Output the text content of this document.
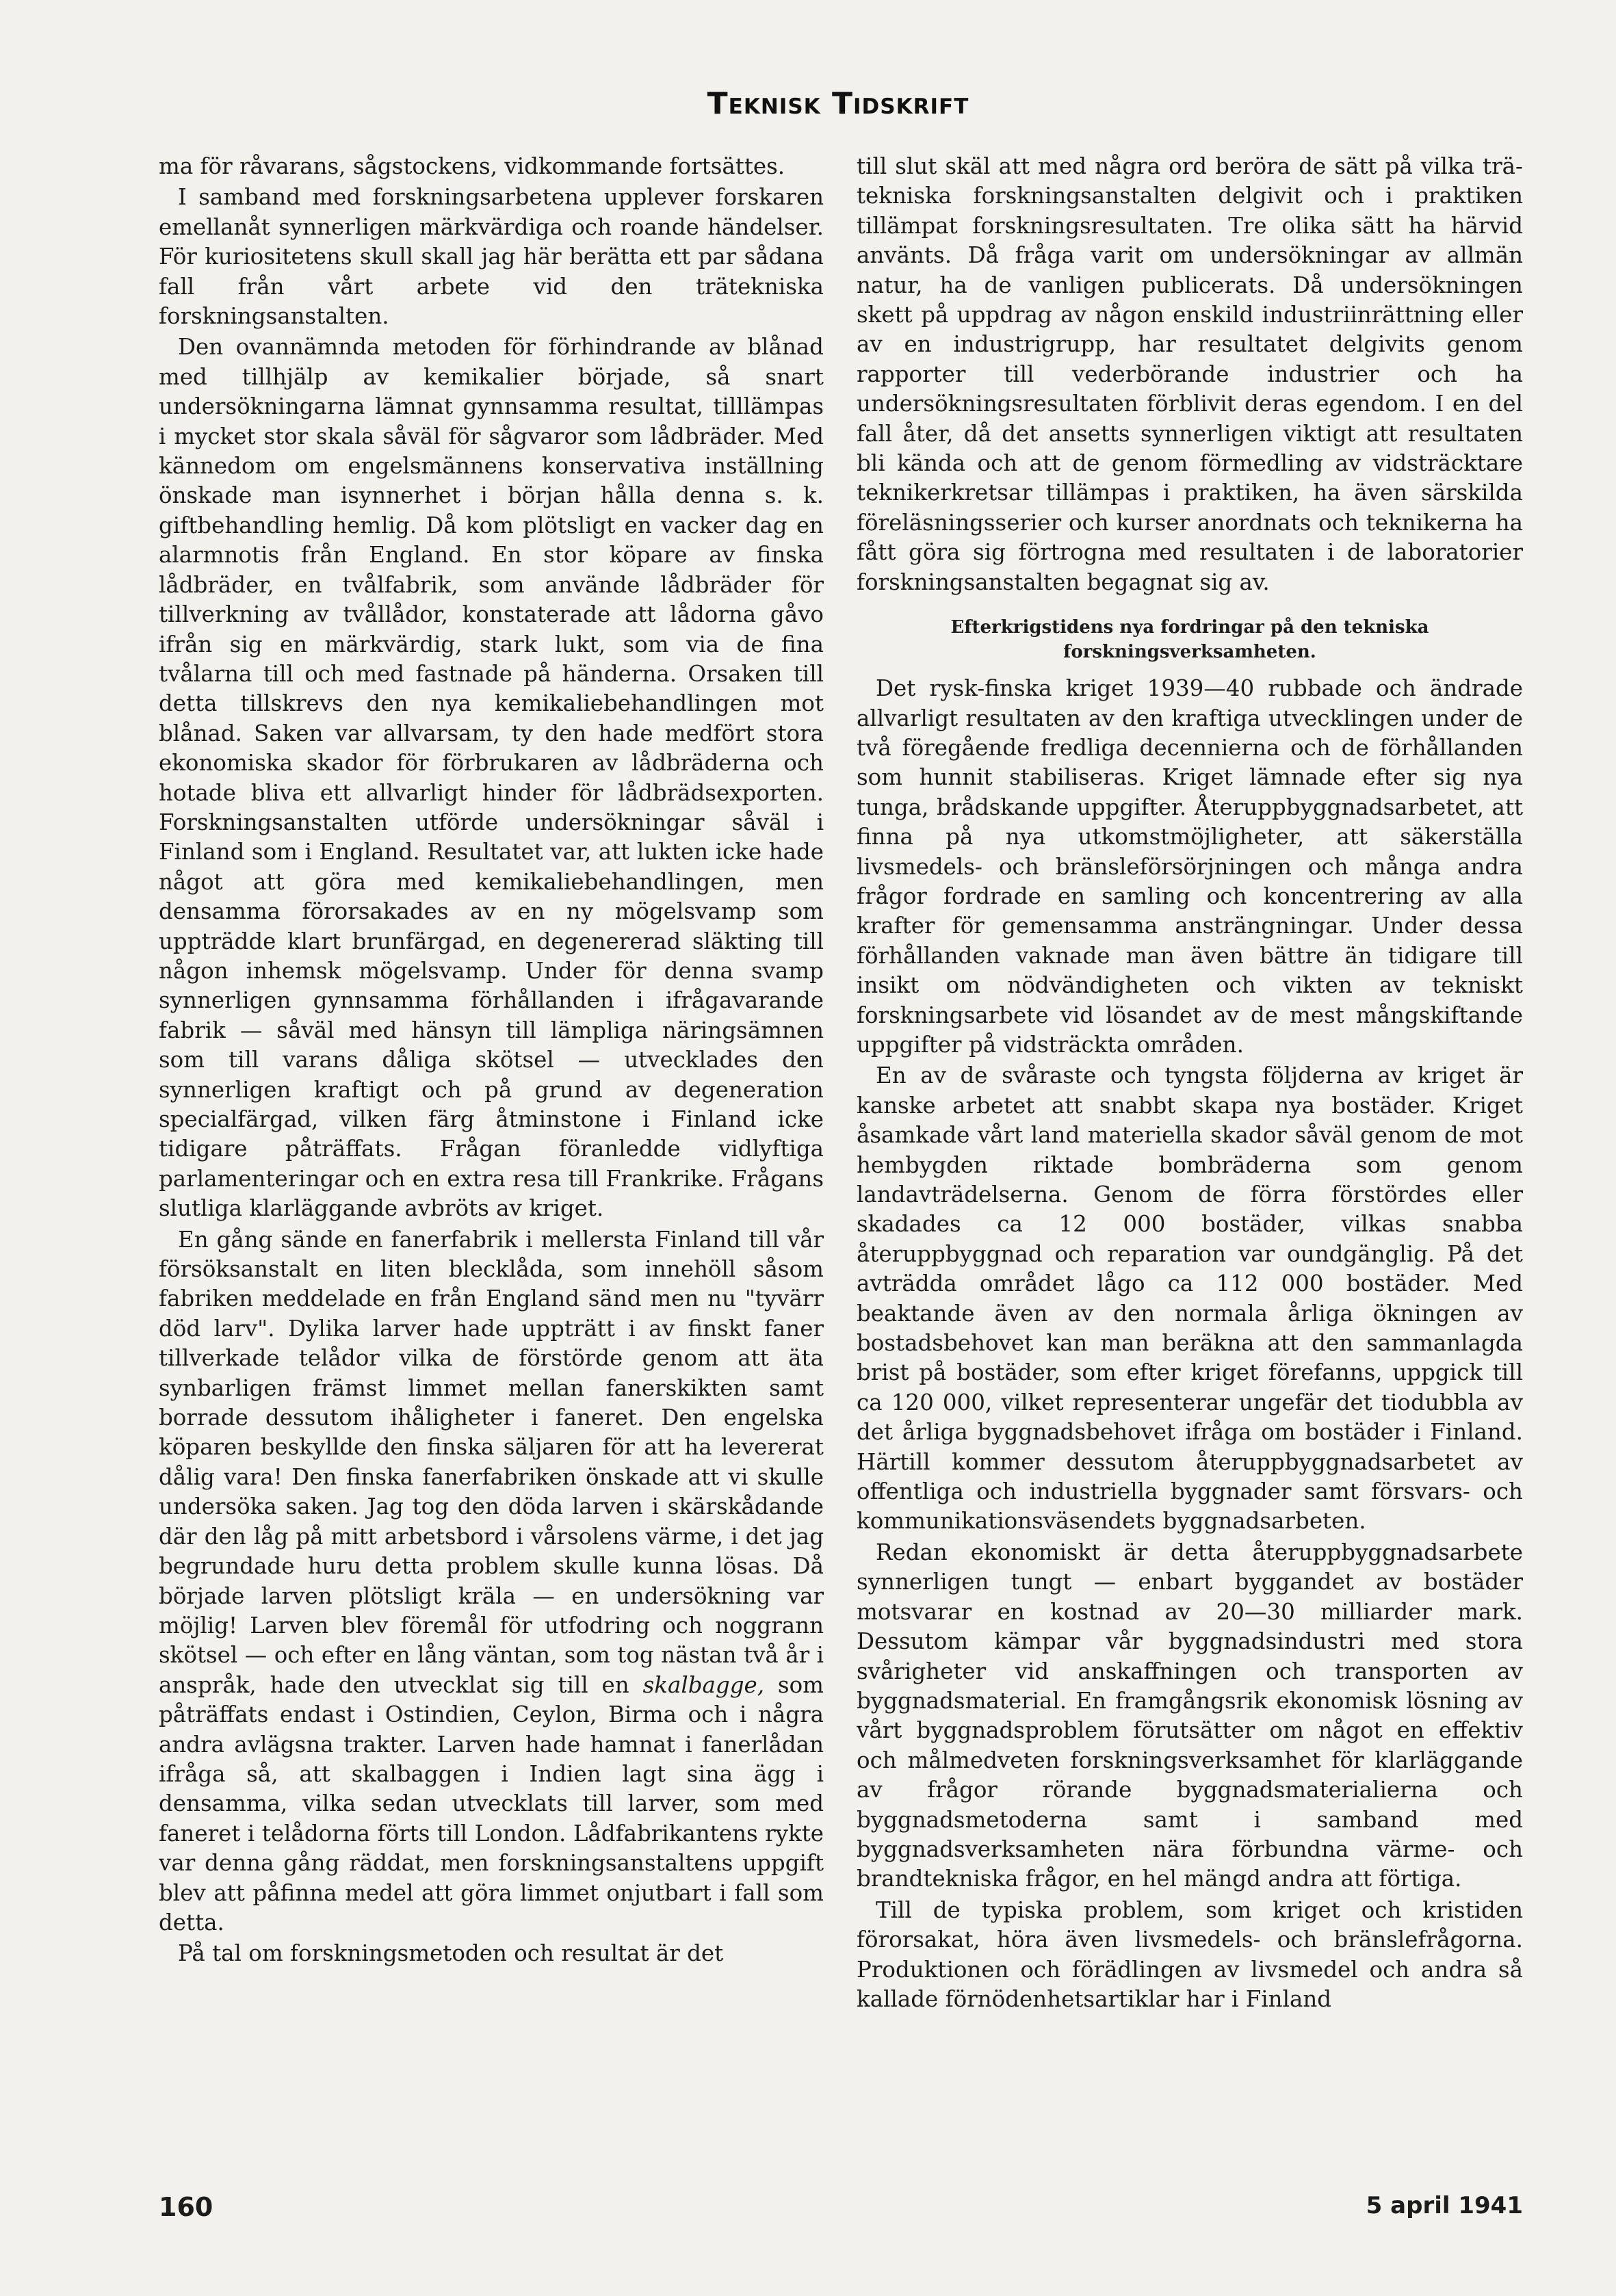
Teknisk Tidskrift

ma för råvarans, sågstockens, vidkommande fortsättes.

I samband med forskningsarbetena upplever forskaren emellanåt synnerligen märkvärdiga och roande händelser. För kuriositetens skull skall jag här berätta ett par sådana fall från vårt arbete vid den trätekniska forskningsanstalten.

Den ovannämnda metoden för förhindrande av blånad med tillhjälp av kemikalier började, så snart undersökningarna lämnat gynnsamma resultat, tilllämpas i mycket stor skala såväl för sågvaror som lådbräder. Med kännedom om engelsmännens konservativa inställning önskade man isynnerhet i början hålla denna s. k. giftbehandling hemlig. Då kom plötsligt en vacker dag en alarmnotis från England. En stor köpare av finska lådbräder, en tvålfabrik, som använde lådbräder för tillverkning av tvållådor, konstaterade att lådorna gåvo ifrån sig en märkvärdig, stark lukt, som via de fina tvålarna till och med fastnade på händerna. Orsaken till detta tillskrevs den nya kemikaliebehandlingen mot blånad. Saken var allvarsam, ty den hade medfört stora ekonomiska skador för förbrukaren av lådbräderna och hotade bliva ett allvarligt hinder för lådbrädsexporten. Forskningsanstalten utförde undersökningar såväl i Finland som i England. Resultatet var, att lukten icke hade något att göra med kemikaliebehandlingen, men densamma förorsakades av en ny mögelsvamp som uppträdde klart brunfärgad, en degenererad släkting till någon inhemsk mögelsvamp. Under för denna svamp synnerligen gynnsamma förhållanden i ifrågavarande fabrik — såväl med hänsyn till lämpliga näringsämnen som till varans dåliga skötsel — utvecklades den synnerligen kraftigt och på grund av degeneration specialfärgad, vilken färg åtminstone i Finland icke tidigare påträffats. Frågan föranledde vidlyftiga parlamenteringar och en extra resa till Frankrike. Frågans slutliga klarläggande avbröts av kriget.

En gång sände en fanerfabrik i mellersta Finland till vår försöksanstalt en liten blecklåda, som innehöll såsom fabriken meddelade en från England sänd men nu "tyvärr död larv". Dylika larver hade uppträtt i av finskt faner tillverkade telådor vilka de förstörde genom att äta synbarligen främst limmet mellan fanerskikten samt borrade dessutom ihåligheter i faneret. Den engelska köparen beskyllde den finska säljaren för att ha levererat dålig vara! Den finska fanerfabriken önskade att vi skulle undersöka saken. Jag tog den döda larven i skärskådande där den låg på mitt arbetsbord i vårsolens värme, i det jag begrundade huru detta problem skulle kunna lösas. Då började larven plötsligt kräla — en undersökning var möjlig! Larven blev föremål för utfodring och noggrann skötsel — och efter en lång väntan, som tog nästan två år i anspråk, hade den utvecklat sig till en skalbagge, som påträffats endast i Ostindien, Ceylon, Birma och i några andra avlägsna trakter. Larven hade hamnat i fanerlådan ifråga så, att skalbaggen i Indien lagt sina ägg i densamma, vilka sedan utvecklats till larver, som med faneret i telådorna förts till London. Lådfabrikantens rykte var denna gång räddat, men forskningsanstaltens uppgift blev att påfinna medel att göra limmet onjutbart i fall som detta.

På tal om forskningsmetoden och resultat är det

till slut skäl att med några ord beröra de sätt på vilka trä-tekniska forskningsanstalten delgivit och i praktiken tillämpat forskningsresultaten. Tre olika sätt ha härvid använts. Då fråga varit om undersökningar av allmän natur, ha de vanligen publicerats. Då undersökningen skett på uppdrag av någon enskild industriinrättning eller av en industrigrupp, har resultatet delgivits genom rapporter till vederbörande industrier och ha undersökningsresultaten förblivit deras egendom. I en del fall åter, då det ansetts synnerligen viktigt att resultaten bli kända och att de genom förmedling av vidsträcktare teknikerkretsar tillämpas i praktiken, ha även särskilda föreläsningsserier och kurser anordnats och teknikerna ha fått göra sig förtrogna med resultaten i de laboratorier forskningsanstalten begagnat sig av.

Efterkrigstidens nya fordringar på den tekniska forskningsverksamheten.

Det rysk-finska kriget 1939—40 rubbade och ändrade allvarligt resultaten av den kraftiga utvecklingen under de två föregående fredliga decennierna och de förhållanden som hunnit stabiliseras. Kriget lämnade efter sig nya tunga, brådskande uppgifter. Återuppbyggnadsarbetet, att finna på nya utkomstmöjligheter, att säkerställa livsmedels- och bränsleförsörjningen och många andra frågor fordrade en samling och koncentrering av alla krafter för gemensamma ansträngningar. Under dessa förhållanden vaknade man även bättre än tidigare till insikt om nödvändigheten och vikten av tekniskt forskningsarbete vid lösandet av de mest mångskiftande uppgifter på vidsträckta områden.

En av de svåraste och tyngsta följderna av kriget är kanske arbetet att snabbt skapa nya bostäder. Kriget åsamkade vårt land materiella skador såväl genom de mot hembygden riktade bombräderna som genom landavträdelserna. Genom de förra förstördes eller skadades ca 12 000 bostäder, vilkas snabba återuppbyggnad och reparation var oundgänglig. På det avträdda området lågo ca 112 000 bostäder. Med beaktande även av den normala årliga ökningen av bostadsbehovet kan man beräkna att den sammanlagda brist på bostäder, som efter kriget förefanns, uppgick till ca 120 000, vilket representerar ungefär det tiodubbla av det årliga byggnadsbehovet ifråga om bostäder i Finland. Härtill kommer dessutom återuppbyggnadsarbetet av offentliga och industriella byggnader samt försvars- och kommunikationsväsendets byggnadsarbeten.

Redan ekonomiskt är detta återuppbyggnadsarbete synnerligen tungt — enbart byggandet av bostäder motsvarar en kostnad av 20—30 milliarder mark. Dessutom kämpar vår byggnadsindustri med stora svårigheter vid anskaffningen och transporten av byggnadsmaterial. En framgångsrik ekonomisk lösning av vårt byggnadsproblem förutsätter om något en effektiv och målmedveten forskningsverksamhet för klarläggande av frågor rörande byggnadsmaterialierna och byggnadsmetoderna samt i samband med byggnadsverksamheten nära förbundna värme- och brandtekniska frågor, en hel mängd andra att förtiga.

Till de typiska problem, som kriget och kristiden förorsakat, höra även livsmedels- och bränslefrågorna. Produktionen och förädlingen av livsmedel och andra så kallade förnödenhetsartiklar har i Finland

160	5 april 1941
